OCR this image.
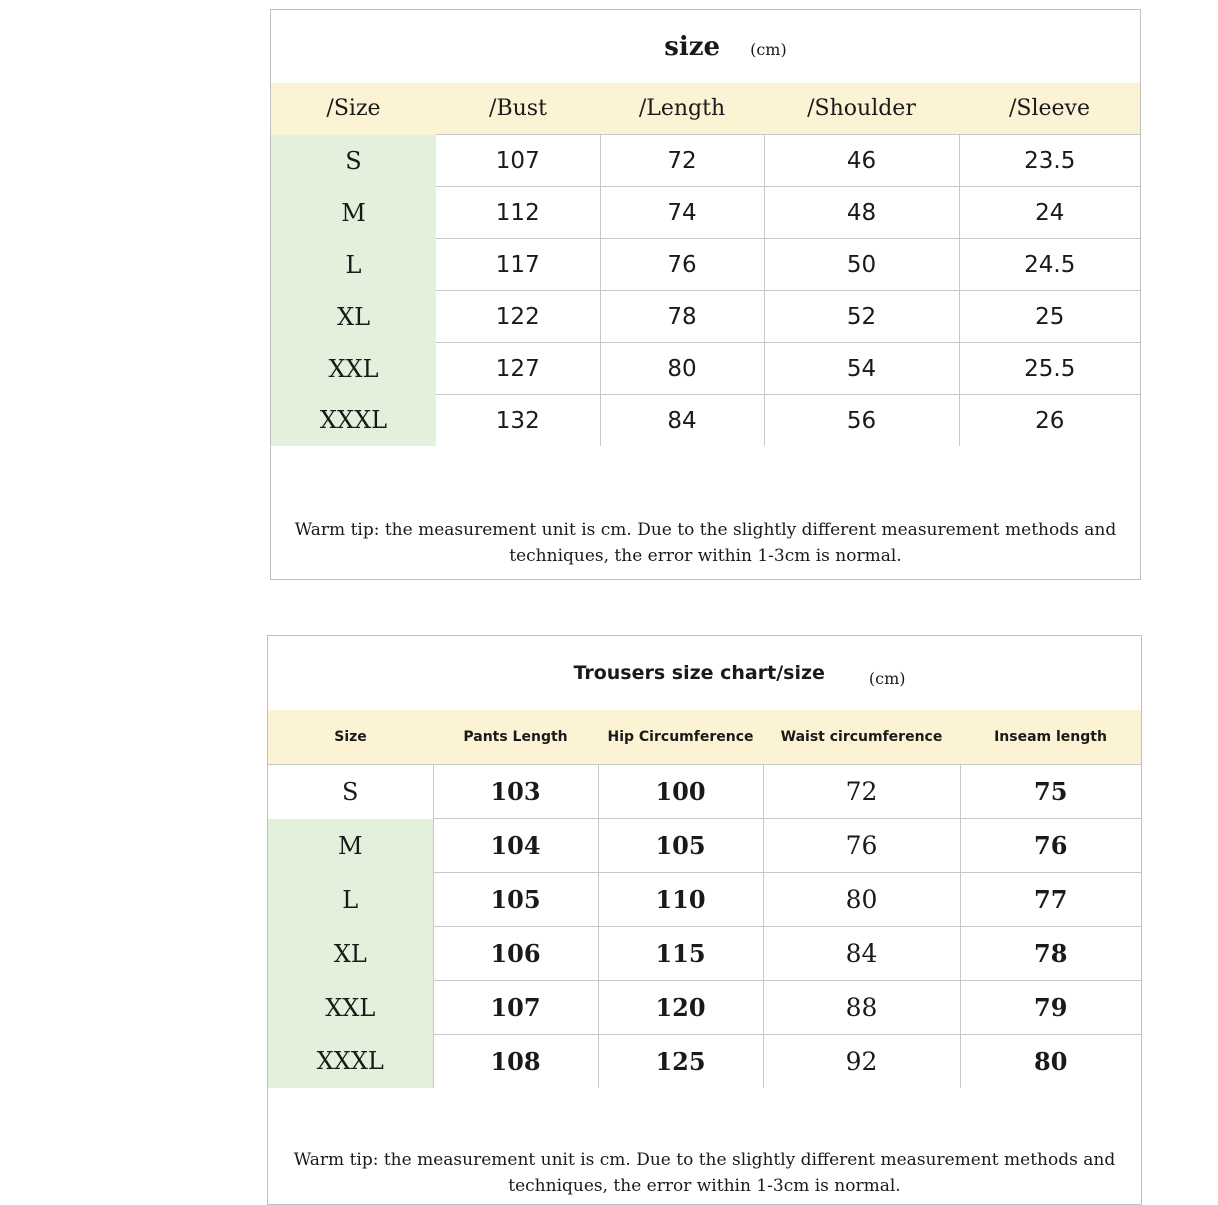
size (cm)
/Size	/Bust	/Length	/Shoulder	/Sleeve
S	107	72	46	23.5
M	112	74	48	24
L	117	76	50	24.5
XL	122	78	52	25
XXL	127	80	54	25.5
XXXL	132	84	56	26
Warm tip: the measurement unit is cm. Due to the slightly different measurement methods and techniques, the error within 1-3cm is normal.
Trousers size chart/size	(cm)
Size	Pants Length	Hip Circumference	Waist circumference	Inseam length
S	103	100	72	75
M	104	105	76	76
L	105	110	80	77
XL	106	115	84	78
XXL	107	120	88	79
XXXL	108	125	92	80
Warm tip: the measurement unit is cm. Due to the slightly different measurement methods and techniques, the error within 1-3cm is normal.
